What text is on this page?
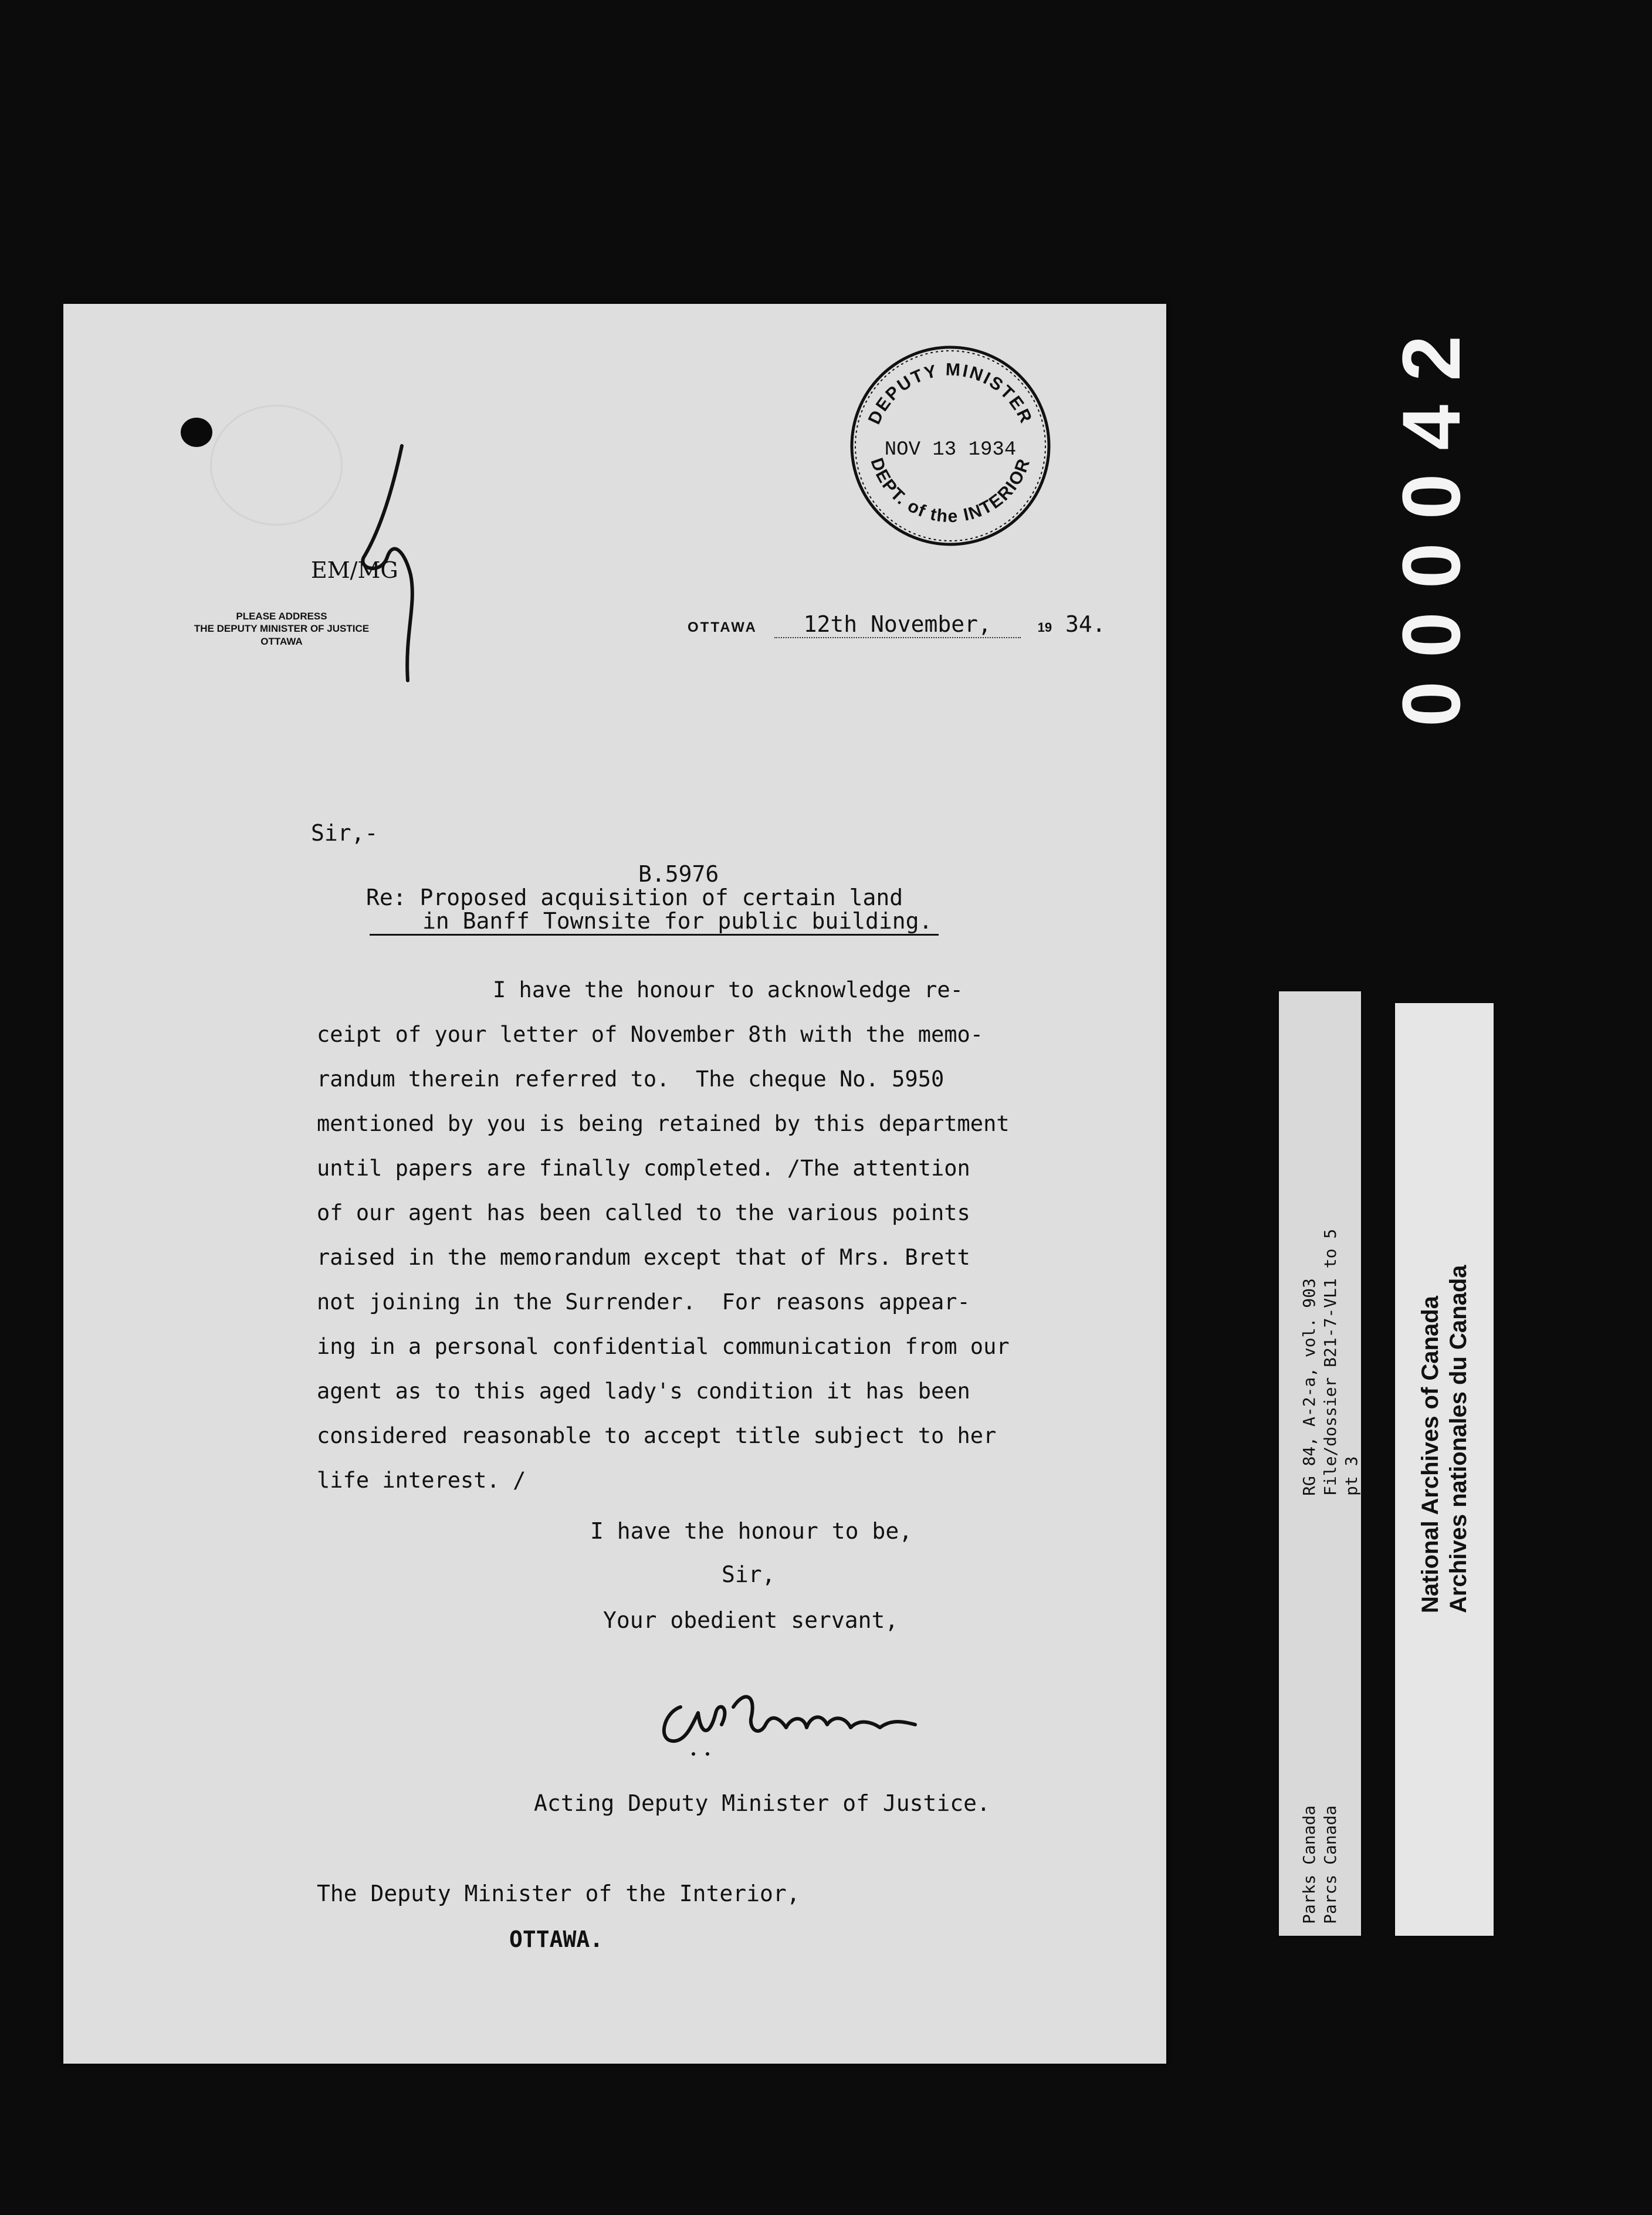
000042
DEPUTY MINISTER
NOV 13 1934
DEPT. of the INTERIOR
EM/MG
PLEASE ADDRESS
THE DEPUTY MINISTER OF JUSTICE
OTTAWA
OTTAWA 12th November,	19 34.
Sir,-
B.5976
Re: Proposed acquisition of certain land
in Banff Townsite for public building.
I have the honour to acknowledge re-
ceipt of your letter of November 8th with the memo-
randum therein referred to.  The cheque No. 5950
mentioned by you is being retained by this department
until papers are finally completed. /The attention
of our agent has been called to the various points
raised in the memorandum except that of Mrs. Brett
not joining in the Surrender.  For reasons appear-
ing in a personal confidential communication from our
agent as to this aged lady's condition it has been
considered reasonable to accept title subject to her
life interest. /
I have the honour to be,
Sir,
Your obedient servant,
Acting Deputy Minister of Justice.
The Deputy Minister of the Interior,
OTTAWA.
RG 84, A-2-a, vol. 903
File/dossier B21-7-VL1 to 5
pt 3
Parks Canada
Parcs Canada
National Archives of Canada
Archives nationales du Canada
